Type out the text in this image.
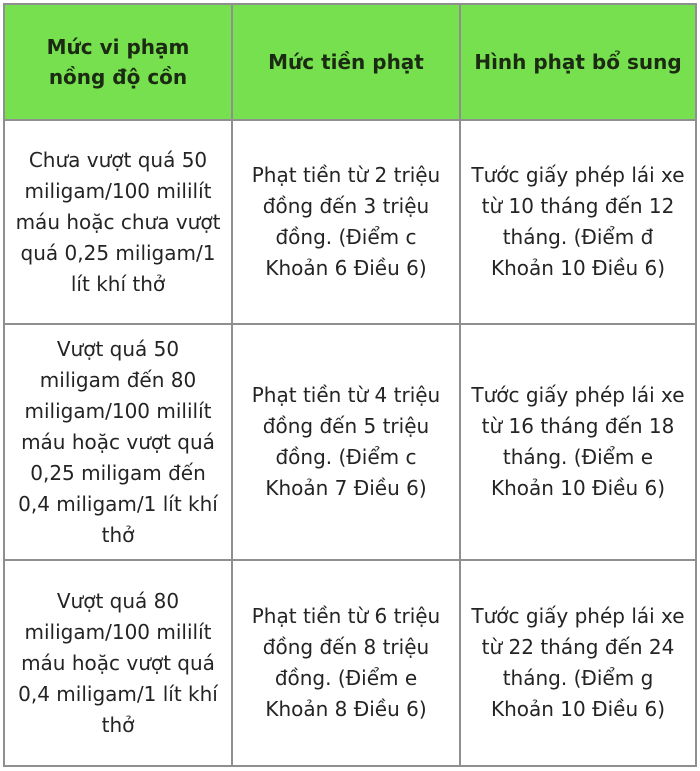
Mức vi phạm nồng độ cồn	Mức tiền phạt	Hình phạt bổ sung
Chưa vượt quá 50 miligam/100 mililít máu hoặc chưa vượt quá 0,25 miligam/1 lít khí thở	Phạt tiền từ 2 triệu đồng đến 3 triệu đồng. (Điểm c Khoản 6 Điều 6)	Tước giấy phép lái xe từ 10 tháng đến 12 tháng. (Điểm đ Khoản 10 Điều 6)
Vượt quá 50 miligam đến 80 miligam/100 mililít máu hoặc vượt quá 0,25 miligam đến 0,4 miligam/1 lít khí thở	Phạt tiền từ 4 triệu đồng đến 5 triệu đồng. (Điểm c Khoản 7 Điều 6)	Tước giấy phép lái xe từ 16 tháng đến 18 tháng. (Điểm e Khoản 10 Điều 6)
Vượt quá 80 miligam/100 mililít máu hoặc vượt quá 0,4 miligam/1 lít khí thở	Phạt tiền từ 6 triệu đồng đến 8 triệu đồng. (Điểm e Khoản 8 Điều 6)	Tước giấy phép lái xe từ 22 tháng đến 24 tháng. (Điểm g Khoản 10 Điều 6)
